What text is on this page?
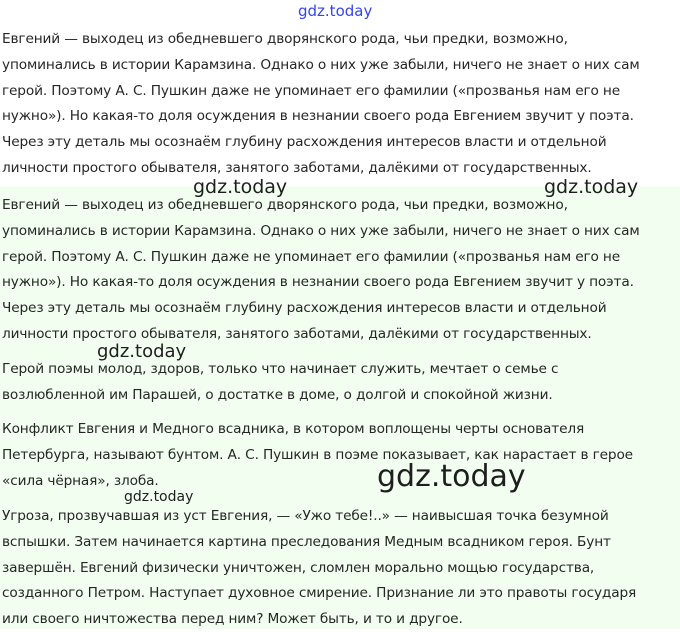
Евгений — выходец из обедневшего дворянского рода, чьи предки, возможно,
упоминались в истории Карамзина. Однако о них уже забыли, ничего не знает о них сам
герой. Поэтому А. С. Пушкин даже не упоминает его фамилии («прозванья нам его не
нужно»). Но какая-то доля осуждения в незнании своего рода Евгением звучит у поэта.
Через эту деталь мы осознаём глубину расхождения интересов власти и отдельной
личности простого обывателя, занятого заботами, далёкими от государственных.
Евгений — выходец из обедневшего дворянского рода, чьи предки, возможно,
упоминались в истории Карамзина. Однако о них уже забыли, ничего не знает о них сам
герой. Поэтому А. С. Пушкин даже не упоминает его фамилии («прозванья нам его не
нужно»). Но какая-то доля осуждения в незнании своего рода Евгением звучит у поэта.
Через эту деталь мы осознаём глубину расхождения интересов власти и отдельной
личности простого обывателя, занятого заботами, далёкими от государственных.
Герой поэмы молод, здоров, только что начинает служить, мечтает о семье с
возлюбленной им Парашей, о достатке в доме, о долгой и спокойной жизни.
Конфликт Евгения и Медного всадника, в котором воплощены черты основателя
Петербурга, называют бунтом. А. С. Пушкин в поэме показывает, как нарастает в герое
«сила чёрная», злоба.
Угроза, прозвучавшая из уст Евгения, — «Ужо тебе!..» — наивысшая точка безумной
вспышки. Затем начинается картина преследования Медным всадником героя. Бунт
завершён. Евгений физически уничтожен, сломлен морально мощью государства,
созданного Петром. Наступает духовное смирение. Признание ли это правоты государя
или своего ничтожества перед ним? Может быть, и то и другое.
gdz.today
gdz.today	gdz.today
gdz.today
gdz.today
gdz.today
